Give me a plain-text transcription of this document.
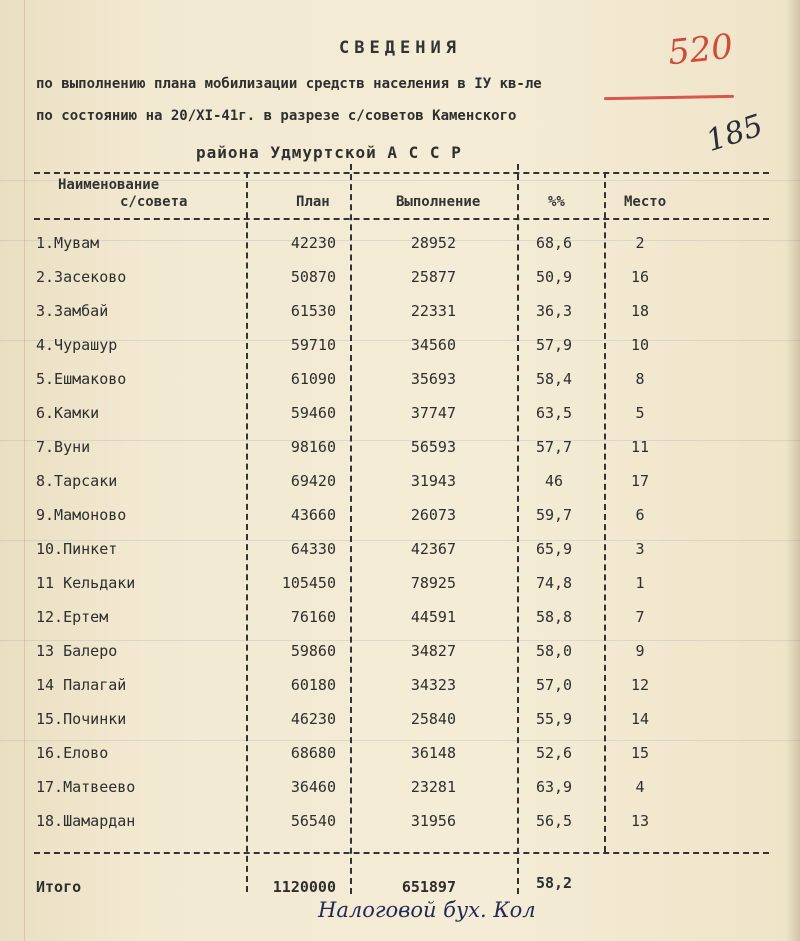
СВЕДЕНИЯ
по выполнению плана мобилизации средств населения в IУ кв-ле
по состоянию на 20/ХI-41г. в разрезе с/советов Каменского
района Удмуртской А С С Р
520
185
Наименование
с/совета	План	Выполнение	%%	Место
1.Мувам	42230	28952	68,6	2
2.Засеково	50870	25877	50,9	16
3.Замбай	61530	22331	36,3	18
4.Чурашур	59710	34560	57,9	10
5.Ешмаково	61090	35693	58,4	8
6.Камки	59460	37747	63,5	5
7.Вуни	98160	56593	57,7	11
8.Тарсаки	69420	31943	46	17
9.Мамоново	43660	26073	59,7	6
10.Пинкет	64330	42367	65,9	3
11 Кельдаки	105450	78925	74,8	1
12.Ертем	76160	44591	58,8	7
13 Балеро	59860	34827	58,0	9
14 Палагай	60180	34323	57,0	12
15.Починки	46230	25840	55,9	14
16.Елово	68680	36148	52,6	15
17.Матвеево	36460	23281	63,9	4
18.Шамардан	56540	31956	56,5	13
Итого	1120000	651897	58,2
Налоговой бух. Кол
